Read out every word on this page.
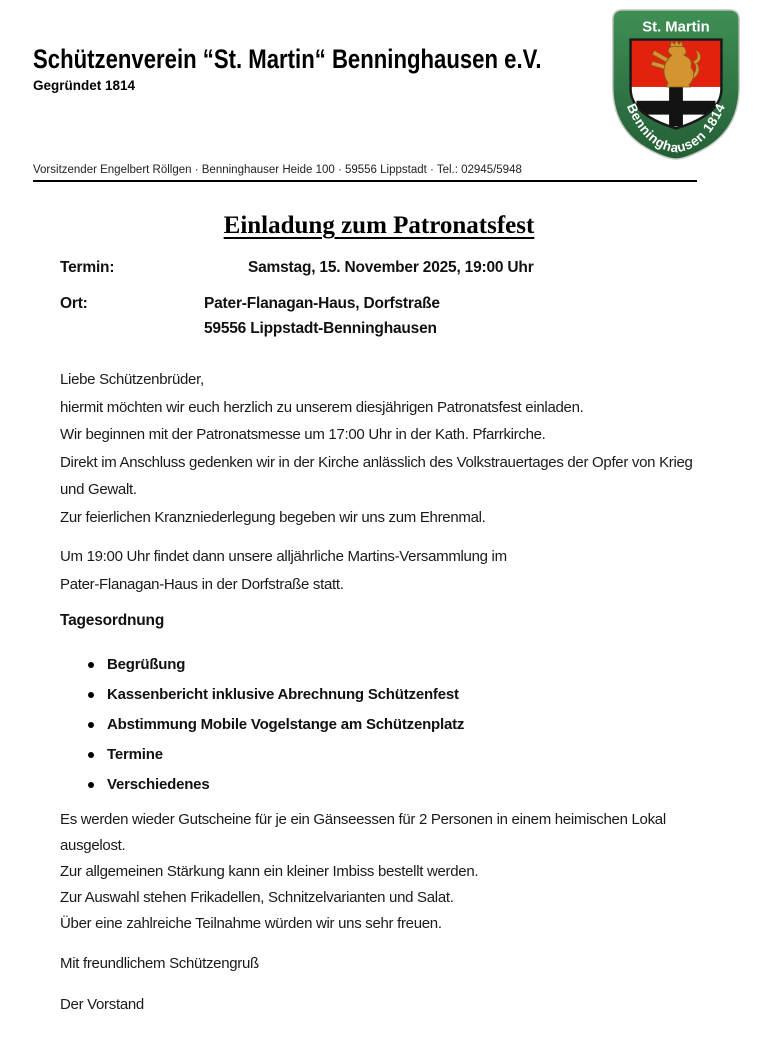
Schützenverein “St. Martin“ Benninghausen e.V.
Gegründet 1814
St. Martin
Benninghausen 1814
Vorsitzender Engelbert Röllgen · Benninghauser Heide 100 · 59556 Lippstadt · Tel.: 02945/5948
Einladung zum Patronatsfest
Termin:	Samstag, 15. November 2025, 19:00 Uhr
Ort:	Pater-Flanagan-Haus, Dorfstraße
59556 Lippstadt-Benninghausen
Liebe Schützenbrüder,
hiermit möchten wir euch herzlich zu unserem diesjährigen Patronatsfest einladen.
Wir beginnen mit der Patronatsmesse um 17:00 Uhr in der Kath. Pfarrkirche.
Direkt im Anschluss gedenken wir in der Kirche anlässlich des Volkstrauertages der Opfer von Krieg
und Gewalt.
Zur feierlichen Kranzniederlegung begeben wir uns zum Ehrenmal.
Um 19:00 Uhr findet dann unsere alljährliche Martins-Versammlung im
Pater-Flanagan-Haus in der Dorfstraße statt.
Tagesordnung
Begrüßung
Kassenbericht inklusive Abrechnung Schützenfest
Abstimmung Mobile Vogelstange am Schützenplatz
Termine
Verschiedenes
Es werden wieder Gutscheine für je ein Gänseessen für 2 Personen in einem heimischen Lokal
ausgelost.
Zur allgemeinen Stärkung kann ein kleiner Imbiss bestellt werden.
Zur Auswahl stehen Frikadellen, Schnitzelvarianten und Salat.
Über eine zahlreiche Teilnahme würden wir uns sehr freuen.
Mit freundlichem Schützengruß
Der Vorstand
